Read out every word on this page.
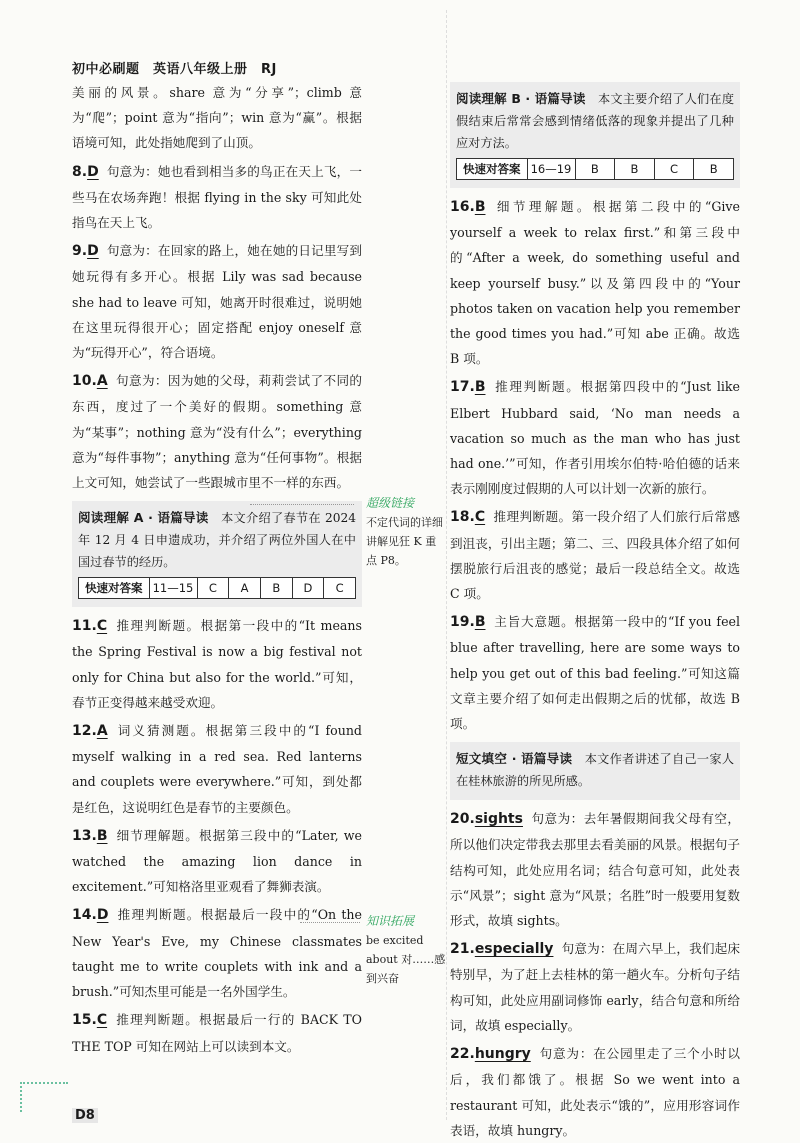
初中必刷题　英语八年级上册　RJ

美丽的风景。share 意为“分享”；climb 意为“爬”；point 意为“指向”；win 意为“赢”。根据语境可知，此处指她爬到了山顶。

8.D 句意为：她也看到相当多的鸟正在天上飞，一些马在农场奔跑！根据 flying in the sky 可知此处指鸟在天上飞。

9.D 句意为：在回家的路上，她在她的日记里写到她玩得有多开心。根据 Lily was sad because she had to leave 可知，她离开时很难过，说明她在这里玩得很开心；固定搭配 enjoy oneself 意为“玩得开心”，符合语境。

10.A 句意为：因为她的父母，莉莉尝试了不同的东西，度过了一个美好的假期。something 意为“某事”；nothing 意为“没有什么”；everything 意为“每件事物”；anything 意为“任何事物”。根据上文可知，她尝试了一些跟城市里不一样的东西。

阅读理解 A · 语篇导读　 本文介绍了春节在 2024 年 12 月 4 日申遗成功，并介绍了两位外国人在中国过春节的经历。

快速对答案 11—15	C	A	B	D	C

11.C 推理判断题。根据第一段中的“It means the Spring Festival is now a big festival not only for China but also for the world.”可知，春节正变得越来越受欢迎。

12.A 词义猜测题。根据第三段中的“I found myself walking in a red sea. Red lanterns and couplets were everywhere.”可知，到处都是红色，这说明红色是春节的主要颜色。

13.B 细节理解题。根据第三段中的“Later, we watched the amazing lion dance in excitement.”可知格洛里亚观看了舞狮表演。

14.D 推理判断题。根据最后一段中的“On the New Year's Eve, my Chinese classmates taught me to write couplets with ink and a brush.”可知杰里可能是一名外国学生。

15.C 推理判断题。根据最后一行的 BACK TO THE TOP 可知在网站上可以读到本文。

超级链接
不定代词的详细讲解见狂 K 重点 P8。
知识拓展
be excited about 对……感到兴奋

阅读理解 B · 语篇导读　 本文主要介绍了人们在度假结束后常常会感到情绪低落的现象并提出了几种应对方法。

快速对答案 16—19	B	B	C	B

16.B 细节理解题。根据第二段中的“Give yourself a week to relax first.”和第三段中的“After a week, do something useful and keep yourself busy.”以及第四段中的“Your photos taken on vacation help you remember the good times you had.”可知 abe 正确。故选 B 项。

17.B 推理判断题。根据第四段中的“Just like Elbert Hubbard said, ‘No man needs a vacation so much as the man who has just had one.’”可知，作者引用埃尔伯特·哈伯德的话来表示刚刚度过假期的人可以计划一次新的旅行。

18.C 推理判断题。第一段介绍了人们旅行后常感到沮丧，引出主题；第二、三、四段具体介绍了如何摆脱旅行后沮丧的感觉；最后一段总结全文。故选 C 项。

19.B 主旨大意题。根据第一段中的“If you feel blue after travelling, here are some ways to help you get out of this bad feeling.”可知这篇文章主要介绍了如何走出假期之后的忧郁，故选 B 项。

短文填空 · 语篇导读　 本文作者讲述了自己一家人在桂林旅游的所见所感。

20.sights 句意为：去年暑假期间我父母有空，所以他们决定带我去那里去看美丽的风景。根据句子结构可知，此处应用名词；结合句意可知，此处表示“风景”；sight 意为“风景；名胜”时一般要用复数形式，故填 sights。

21.especially 句意为：在周六早上，我们起床特别早，为了赶上去桂林的第一趟火车。分析句子结构可知，此处应用副词修饰 early，结合句意和所给词，故填 especially。

22.hungry 句意为：在公园里走了三个小时以后，我们都饿了。根据 So we went into a restaurant 可知，此处表示“饿的”，应用形容词作表语，故填 hungry。

D8
